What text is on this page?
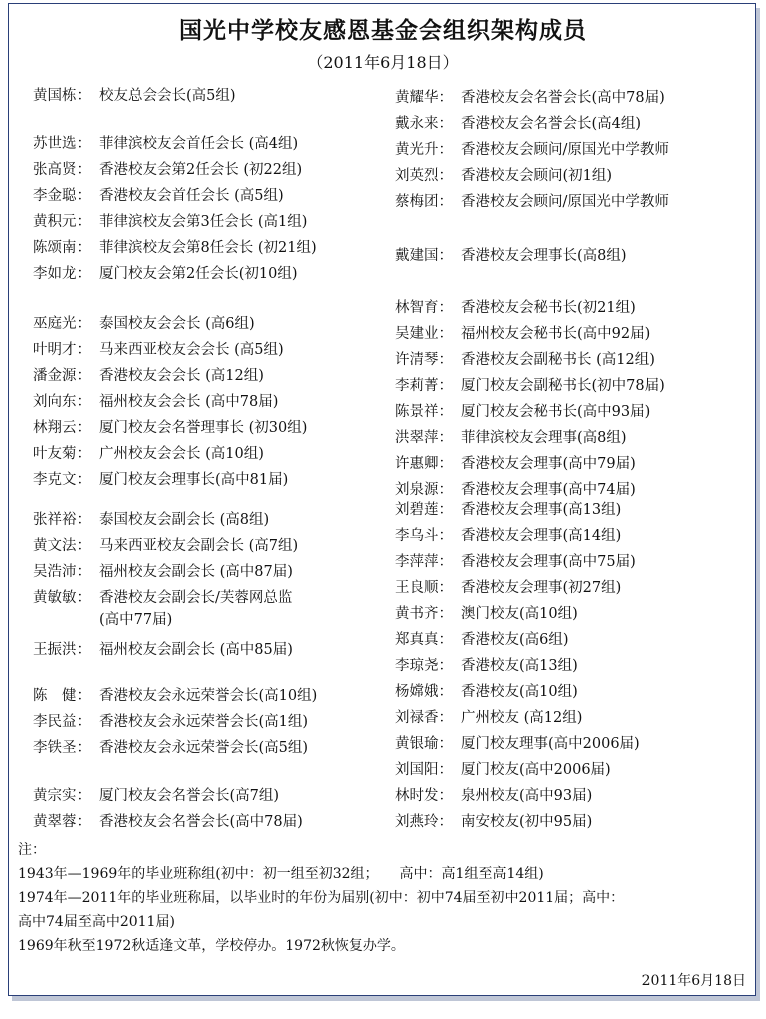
国光中学校友感恩基金会组织架构成员
（2011年6月18日）
黄国栋： 校友总会会长(高5组)
苏世选： 菲律滨校友会首任会长 (高4组)
张高贤： 香港校友会第2任会长 (初22组)
李金聪： 香港校友会首任会长 (高5组)
黄积元： 菲律滨校友会第3任会长 (高1组)
陈颂南： 菲律滨校友会第8任会长 (初21组)
李如龙： 厦门校友会第2任会长(初10组)
巫庭光： 泰国校友会会长 (高6组)
叶明才： 马来西亚校友会会长 (高5组)
潘金源： 香港校友会会长 (高12组)
刘向东： 福州校友会会长 (高中78届)
林翔云： 厦门校友会名誉理事长 (初30组)
叶友菊： 广州校友会会长 (高10组)
李克文： 厦门校友会理事长(高中81届)
张祥裕： 泰国校友会副会长 (高8组)
黄文法： 马来西亚校友会副会长 (高7组)
吴浩沛： 福州校友会副会长 (高中87届)
黄敏敏： 香港校友会副会长/芙蓉网总监
(高中77届)
王振洪： 福州校友会副会长 (高中85届)
陈　健： 香港校友会永远荣誉会长(高10组)
李民益： 香港校友会永远荣誉会长(高1组)
李铁圣： 香港校友会永远荣誉会长(高5组)
黄宗实： 厦门校友会名誉会长(高7组)
黄翠蓉： 香港校友会名誉会长(高中78届)
黄耀华： 香港校友会名誉会长(高中78届)
戴永来： 香港校友会名誉会长(高4组)
黄光升： 香港校友会顾问/原国光中学教师
刘英烈： 香港校友会顾问(初1组)
蔡梅团： 香港校友会顾问/原国光中学教师
戴建国： 香港校友会理事长(高8组)
林智育： 香港校友会秘书长(初21组)
吴建业： 福州校友会秘书长(高中92届)
许清琴： 香港校友会副秘书长 (高12组)
李莉菁： 厦门校友会副秘书长(初中78届)
陈景祥： 厦门校友会秘书长(高中93届)
洪翠萍： 菲律滨校友会理事(高8组)
许惠卿： 香港校友会理事(高中79届)
刘泉源： 香港校友会理事(高中74届)
刘碧莲： 香港校友会理事(高13组)
李乌斗： 香港校友会理事(高14组)
李萍萍： 香港校友会理事(高中75届)
王良顺： 香港校友会理事(初27组)
黄书齐： 澳门校友(高10组)
郑真真： 香港校友(高6组)
李琼尧： 香港校友(高13组)
杨嫦娥： 香港校友(高10组)
刘禄香： 广州校友 (高12组)
黄银瑜： 厦门校友理事(高中2006届)
刘国阳： 厦门校友(高中2006届)
林时发： 泉州校友(高中93届)
刘燕玲： 南安校友(初中95届)
注：
1943年—1969年的毕业班称组(初中：初一组至初32组；　　高中：高1组至高14组)
1974年—2011年的毕业班称届，以毕业时的年份为届别(初中：初中74届至初中2011届；高中：
高中74届至高中2011届)
1969年秋至1972秋适逢文革，学校停办。1972秋恢复办学。
2011年6月18日
